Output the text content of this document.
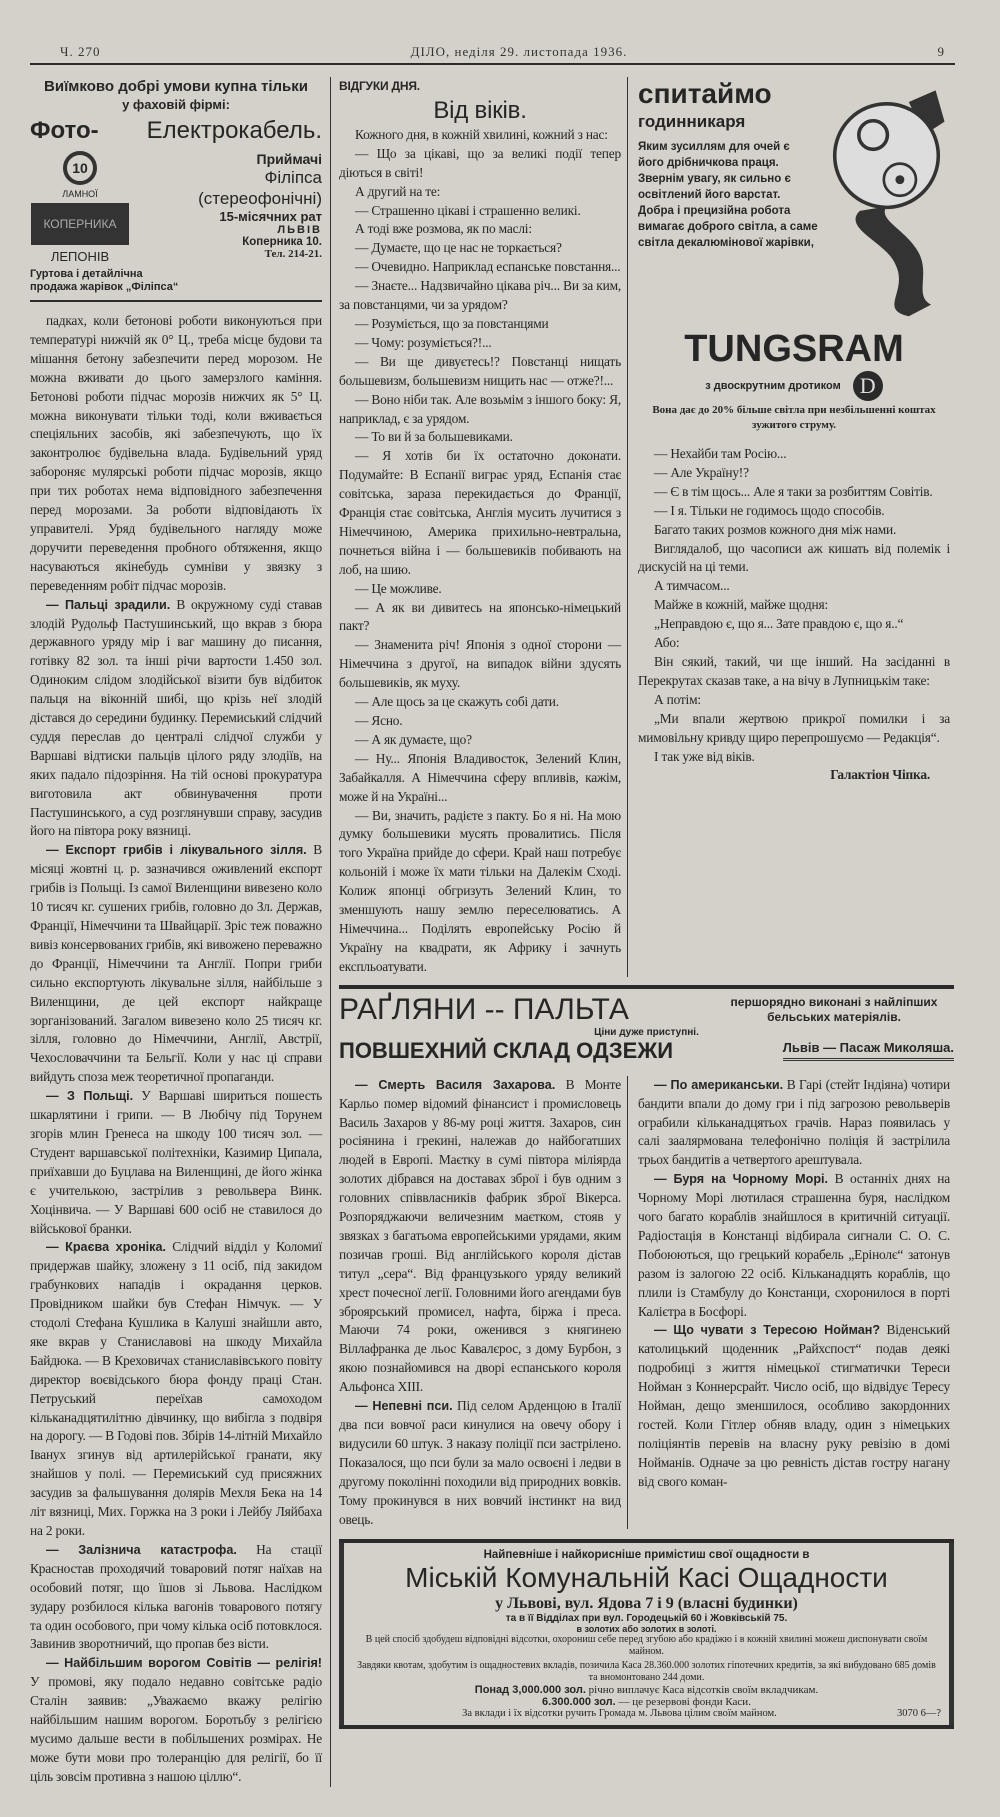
Ч. 270	ДІЛО, неділя 29. листопада 1936.	9
Виїмково добрі умови купна тільки
у фаховій фірмі:
Фото- Електрокабель.
10
ЛАМНОЇ
КОПЕРНИКА
ЛЕПОНІВ
Приймачі
Філіпса (стереофонічні)
15-місячних рат
ЛЬВІВ
Коперника 10.
Тел. 214-21.
Гуртова і детайлічна
продажа жарівок „Філіпса“

падках, коли бетонові роботи виконуються при температурі нижчій як 0° Ц., треба місце будови та мішання бетону забезпечити перед морозом. Не можна вживати до цього замерзлого каміння. Бетонові роботи підчас морозів нижчих як 5° Ц. можна виконувати тільки тоді, коли вживається спеціяльних засобів, які забезпечують, що їх законтролює будівельна влада. Будівельний уряд забороняє мулярські роботи підчас морозів, якщо при тих роботах нема відповідного забезпечення перед морозами. За роботи відповідають їх управителі. Уряд будівельного нагляду може доручити переведення пробного обтяження, якщо насуваються якінебудь сумніви у звязку з переведенням робіт підчас морозів.

— Пальці зрадили. В окружному суді ставав злодій Рудольф Пастушинський, що вкрав з бюра державного уряду мір і ваг машину до писання, готівку 82 зол. та інші річи вартости 1.450 зол. Одиноким слідом злодійської візити був відбиток пальця на віконній шибі, що крізь неї злодій дістався до середини будинку. Перемиський слідчий суддя переслав до централі слідчої служби у Варшаві відтиски пальців цілого ряду злодіїв, на яких падало підозріння. На тій основі прокуратура виготовила акт обвинувачення проти Пастушинського, а суд розглянувши справу, засудив його на півтора року вязниці.

— Експорт грибів і лікувального зілля. В місяці жовтні ц. р. зазначився оживлений експорт грибів із Польщі. Із самої Виленщини вивезено коло 10 тисяч кг. сушених грибів, головно до Зл. Держав, Франції, Німеччини та Швайцарії. Зріс теж поважно вивіз консервованих грибів, які вивожено переважно до Франції, Німеччини та Англії. Попри гриби сильно експортують лікувальне зілля, найбільше з Виленщини, де цей експорт найкраще зорганізований. Загалом вивезено коло 25 тисяч кг. зілля, головно до Німеччини, Англії, Австрії, Чехословаччини та Бельгії. Коли у нас ці справи вийдуть споза меж теоретичної пропаганди.

— З Польщі. У Варшаві шириться пошесть шкарлятини і грипи. — В Любічу під Торунем згорів млин Гренеса на шкоду 100 тисяч зол. — Студент варшавської політехніки, Казимир Ципала, приїхавши до Буцлава на Виленщині, де його жінка є учителькою, застрілив з револьвера Винк. Хоцінвича. — У Варшаві 600 осіб не ставилося до військової бранки.

— Краєва хроніка. Слідчий відділ у Коломиї придержав шайку, зложену з 11 осіб, під закидом грабункових нападів і окрадання церков. Провідником шайки був Стефан Німчук. — У стодолі Стефана Кушлика в Калуші знайшли авто, яке вкрав у Станиславові на шкоду Михайла Байдюка. — В Креховичах станиславівського повіту директор воєвідського бюра фонду праці Стан. Петруський переїхав самоходом кільканадцятилітню дівчинку, що вибігла з подвіря на дорогу. — В Годові пов. Збірів 14-літній Михайло Іванух згинув від артилерійської гранати, яку знайшов у полі. — Перемиський суд присяжних засудив за фальшування долярів Мехля Бека на 14 літ вязниці, Мих. Горжка на 3 роки і Лейбу Ляйбаха на 2 роки.

— Залізнича катастрофа. На стації Красностав проходячий товаровий потяг наїхав на особовий потяг, що їшов зі Львова. Наслідком зудару розбилося кілька вагонів товарового потягу та один особового, при чому кілька осіб потовклося. Завинив зворотничий, що пропав без вісти.

— Найбільшим ворогом Совітів — релігія! У промові, яку подало недавно совітське радіо Сталін заявив: „Уважаємо вкажу релігію найбільшим нашим ворогом. Боротьбу з релігією мусимо дальше вести в побільшених розмірах. Не може бути мови про толеранцію для релігії, бо її ціль зовсім противна з нашою ціллю“.

ВІДГУКИ ДНЯ.
Від віків.

Кожного дня, в кожній хвилині, кожний з нас:

— Що за цікаві, що за великі події тепер діються в світі!

А другий на те:

— Страшенно цікаві і страшенно великі.

А тоді вже розмова, як по маслі:

— Думаєте, що це нас не торкається?

— Очевидно. Наприклад еспанське повстання...

— Знаєте... Надзвичайно цікава річ... Ви за ким, за повстанцями, чи за урядом?

— Розуміється, що за повстанцями

— Чому: розуміється?!...

— Ви ще дивуєтесь!? Повстанці нищать большевизм, большевизм нищить нас — отже?!...

— Воно ніби так. Але возьмім з іншого боку: Я, наприклад, є за урядом.

— То ви й за большевиками.

— Я хотів би їх остаточно доконати. Подумайте: В Еспанії виграє уряд, Еспанія стає совітська, зараза перекидається до Франції, Франція стає совітська, Англія мусить лучитися з Німеччиною, Америка прихильно-невтральна, почнеться війна і — большевиків побивають на лоб, на шию.

— Це можливе.

— А як ви дивитесь на японсько-німецький пакт?

— Знаменита річ! Японія з одної сторони — Німеччина з другої, на випадок війни здусять большевиків, як муху.

— Але щось за це скажуть собі дати.

— Ясно.

— А як думаєте, що?

— Ну... Японія Владивосток, Зелений Клин, Забайкалля. А Німеччина сферу впливів, кажім, може й на Україні...

— Ви, значить, радієте з пакту. Бо я ні. На мою думку большевики мусять провалитись. Після того Україна прийде до сфери. Край наш потребує кольоній і може їх мати тільки на Далекім Сході. Колиж японці обгризуть Зелений Клин, то зменшують нашу землю переселюватись. А Німеччина... Поділять европейську Росію й Україну на квадрати, як Африку і зачнуть експльоатувати.

спитаймо
годинникаря
Яким зусиллям для очей є його дрібничкова праця. Звернім увагу, як сильно є освітлений його варстат. Добра і прецизійна робота вимагає доброго світла, а саме світла декалюмінової жарівки,
TUNGSRAM
з двоскрутним дротиком D
Вона дає до 20% більше світла при незбільшенні коштах зужитого струму.

— Нехайби там Росію...

— Але Україну!?

— Є в тім щось... Але я таки за розбиттям Совітів.

— І я. Тільки не годимось щодо способів.

Багато таких розмов кожного дня між нами.

Виглядалоб, що часописи аж кишать від полемік і дискусій на ці теми.

А тимчасом...

Майже в кожній, майже щодня:

„Неправдою є, що я... Зате правдою є, що я..“

Або:

Він сякий, такий, чи ще інший. На засіданні в Перекрутах сказав таке, а на вічу в Лупницькім таке:

А потім:

„Ми впали жертвою прикрої помилки і за мимовільну кривду щиро перепрошуємо — Редакція“.

І так уже від віків.

Галактіон Чіпка.
РАҐЛЯНИ -- ПАЛЬТА	першорядно виконані з найліпших бельських матеріялів.
Ціни дуже приступні.
ПОВШЕХНИЙ СКЛАД ОДЗЕЖИ	Львів — Пасаж Миколяша.

— Смерть Василя Захарова. В Монте Карльо помер відомий фінансист і промисловець Василь Захаров у 86-му році життя. Захаров, син росіянина і грекині, належав до найбогатших людей в Европі. Маєтку в сумі півтора міліярда золотих дібрався на доставах зброї і був одним з головних співвласників фабрик зброї Вікерса. Розпоряджаючи величезним маєтком, стояв у звязках з багатьома европейськими урядами, яким позичав гроші. Від англійського короля дістав титул „сера“. Від французького уряду великий хрест почесної легії. Головними його агендами був зброярський промисел, нафта, біржа і преса. Маючи 74 роки, оженився з княгинею Віллафранка де льос Кавалєрос, з дому Бурбон, з якою познайомився на дворі еспанського короля Альфонса XIII.

— Непевні пси. Під селом Арденцою в Італії два пси вовчої раси кинулися на овечу обору і видусили 60 штук. З наказу поліції пси застрілено. Показалося, що пси були за мало освоєні і ледви в другому поколінні походили від природних вовків. Тому прокинувся в них вовчий інстинкт на вид овець.

— По американськи. В Гарі (стейт Індіяна) чотири бандити впали до дому гри і під загрозою револьверів ограбили кільканадцятьох грачів. Нараз появилась у салі заалярмована телефонічно поліція й застрілила трьох бандитів а четвертого арештувала.

— Буря на Чорному Морі. В останніх днях на Чорному Морі лютилася страшенна буря, наслідком чого багато кораблів знайшлося в критичній ситуації. Радіостація в Констанці відбирала сигнали С. О. С. Побоюються, що грецький корабель „Ерінолє“ затонув разом із залогою 22 осіб. Кільканадцять кораблів, що плили із Стамбулу до Констанци, схоронилося в порті Калієтра в Босфорі.

— Що чувати з Тересою Нойман? Віденський католицький щоденник „Райхспост“ подав деякі подробиці з життя німецької стигматички Тереси Нойман з Коннерсрайт. Число осіб, що відвідує Тересу Нойман, дещо зменшилося, особливо закордонних гостей. Коли Гітлер обняв владу, один з німецьких поліціянтів перевів на власну руку ревізію в домі Нойманів. Одначе за цю ревність дістав гостру нагану від свого коман-

Найпевніше і найкорисніше примістиш свої ощадности в
Міській Комунальній Касі Ощадности
у Львові, вул. Ядова 7 і 9 (власні будинки)
та в її Відділах при вул. Городецькій 60 і Жовківській 75.
в золотих або золотих в золоті.
В цей спосіб здобудеш відповідні відсотки, охорониш себе перед згубою або крадіжю і в кожній хвилині можеш диспонувати своїм майном.
Завдяки квотам, здобутим із ощадностевих вкладів, позичила Каса 28.360.000 золотих гіпотечних кредитів, за які вибудовано 685 домів та вномонтовано 244 доми.
Понад 3,000.000 зол. річно виплачує Каса відсотків своїм вкладчикам.
6.300.000 зол. — це резервові фонди Каси.
За вклади і їх відсотки ручить Громада м. Львова цілим своїм майном.	3070 6—?
